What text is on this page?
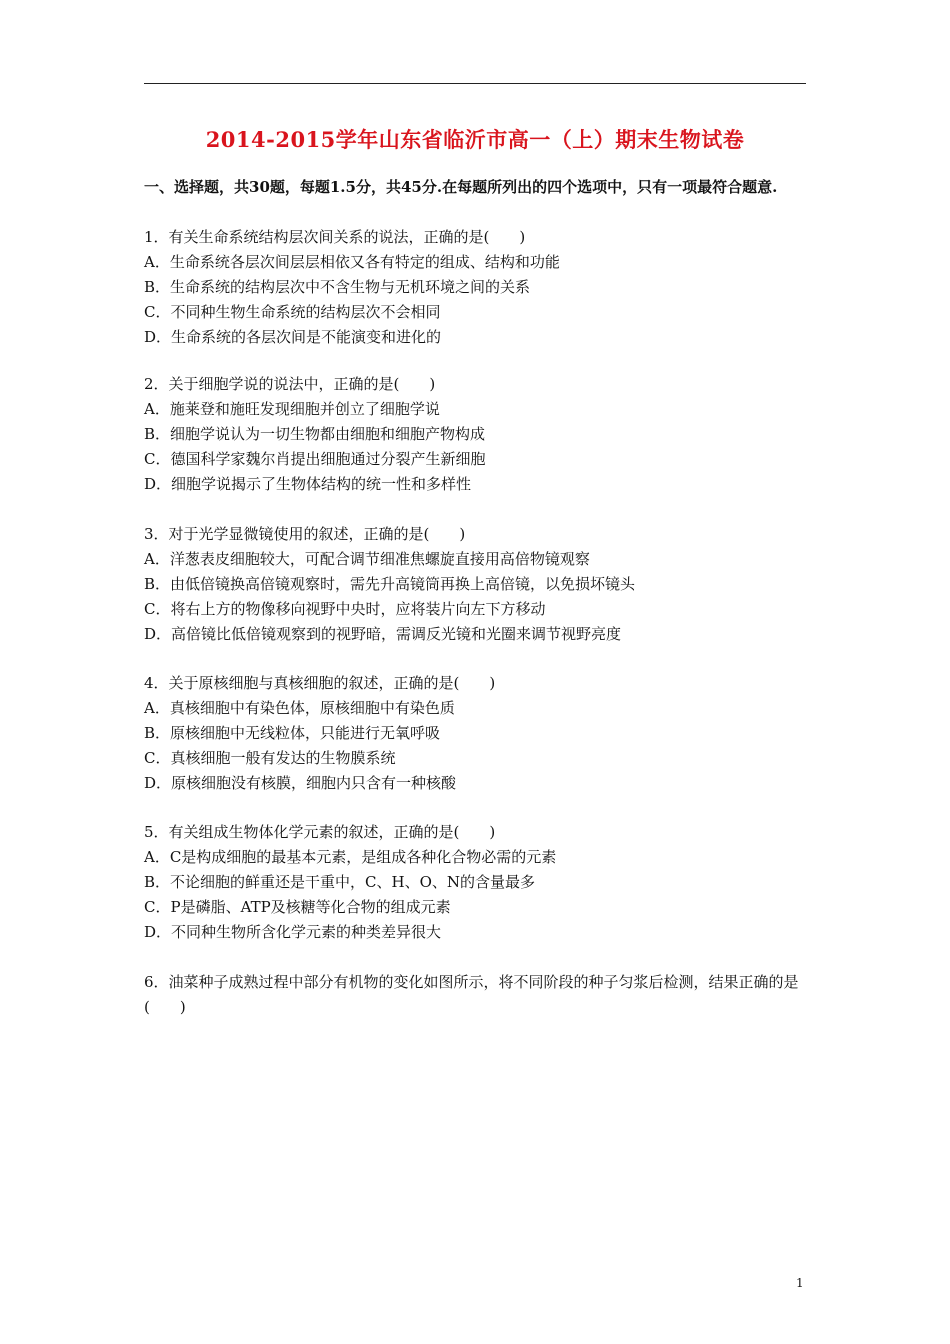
2014-2015学年山东省临沂市高一（上）期末生物试卷
一、选择题，共30题，每题1.5分，共45分.在每题所列出的四个选项中，只有一项最符合题意.
1．有关生命系统结构层次间关系的说法，正确的是(　　)
A．生命系统各层次间层层相依又各有特定的组成、结构和功能
B．生命系统的结构层次中不含生物与无机环境之间的关系
C．不同种生物生命系统的结构层次不会相同
D．生命系统的各层次间是不能演变和进化的
2．关于细胞学说的说法中，正确的是(　　)
A．施莱登和施旺发现细胞并创立了细胞学说
B．细胞学说认为一切生物都由细胞和细胞产物构成
C．德国科学家魏尔肖提出细胞通过分裂产生新细胞
D．细胞学说揭示了生物体结构的统一性和多样性
3．对于光学显微镜使用的叙述，正确的是(　　)
A．洋葱表皮细胞较大，可配合调节细准焦螺旋直接用高倍物镜观察
B．由低倍镜换高倍镜观察时，需先升高镜筒再换上高倍镜，以免损坏镜头
C．将右上方的物像移向视野中央时，应将装片向左下方移动
D．高倍镜比低倍镜观察到的视野暗，需调反光镜和光圈来调节视野亮度
4．关于原核细胞与真核细胞的叙述，正确的是(　　)
A．真核细胞中有染色体，原核细胞中有染色质
B．原核细胞中无线粒体，只能进行无氧呼吸
C．真核细胞一般有发达的生物膜系统
D．原核细胞没有核膜，细胞内只含有一种核酸
5．有关组成生物体化学元素的叙述，正确的是(　　)
A．C是构成细胞的最基本元素，是组成各种化合物必需的元素
B．不论细胞的鲜重还是干重中，C、H、O、N的含量最多
C．P是磷脂、ATP及核糖等化合物的组成元素
D．不同种生物所含化学元素的种类差异很大
6．油菜种子成熟过程中部分有机物的变化如图所示，将不同阶段的种子匀浆后检测，结果正确的是(　　)
1
